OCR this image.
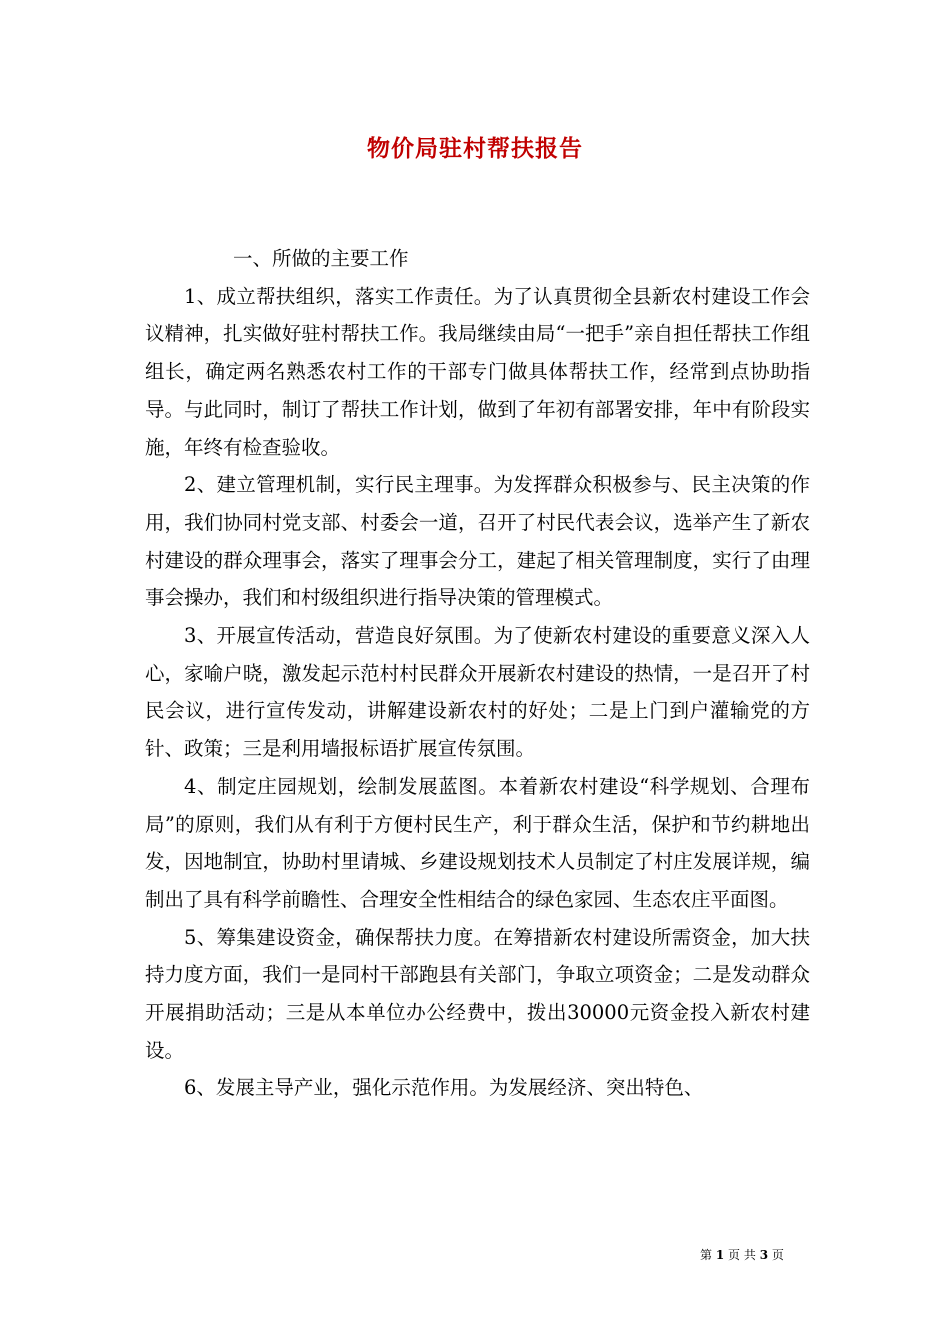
物价局驻村帮扶报告

一、所做的主要工作

1、成立帮扶组织，落实工作责任。为了认真贯彻全县新农村建设工作会议精神，扎实做好驻村帮扶工作。我局继续由局“一把手”亲自担任帮扶工作组组长，确定两名熟悉农村工作的干部专门做具体帮扶工作，经常到点协助指导。与此同时，制订了帮扶工作计划，做到了年初有部署安排，年中有阶段实施，年终有检查验收。

2、建立管理机制，实行民主理事。为发挥群众积极参与、民主决策的作用，我们协同村党支部、村委会一道，召开了村民代表会议，选举产生了新农村建设的群众理事会，落实了理事会分工，建起了相关管理制度，实行了由理事会操办，我们和村级组织进行指导决策的管理模式。

3、开展宣传活动，营造良好氛围。为了使新农村建设的重要意义深入人心，家喻户晓，激发起示范村村民群众开展新农村建设的热情，一是召开了村民会议，进行宣传发动，讲解建设新农村的好处；二是上门到户灌输党的方针、政策；三是利用墙报标语扩展宣传氛围。

4、制定庄园规划，绘制发展蓝图。本着新农村建设“科学规划、合理布局”的原则，我们从有利于方便村民生产，利于群众生活，保护和节约耕地出发，因地制宜，协助村里请城、乡建设规划技术人员制定了村庄发展详规，编制出了具有科学前瞻性、合理安全性相结合的绿色家园、生态农庄平面图。

5、筹集建设资金，确保帮扶力度。在筹措新农村建设所需资金，加大扶持力度方面，我们一是同村干部跑县有关部门，争取立项资金；二是发动群众开展捐助活动；三是从本单位办公经费中，拨出30000元资金投入新农村建设。

6、发展主导产业，强化示范作用。为发展经济、突出特色、

第 1 页 共 3 页
